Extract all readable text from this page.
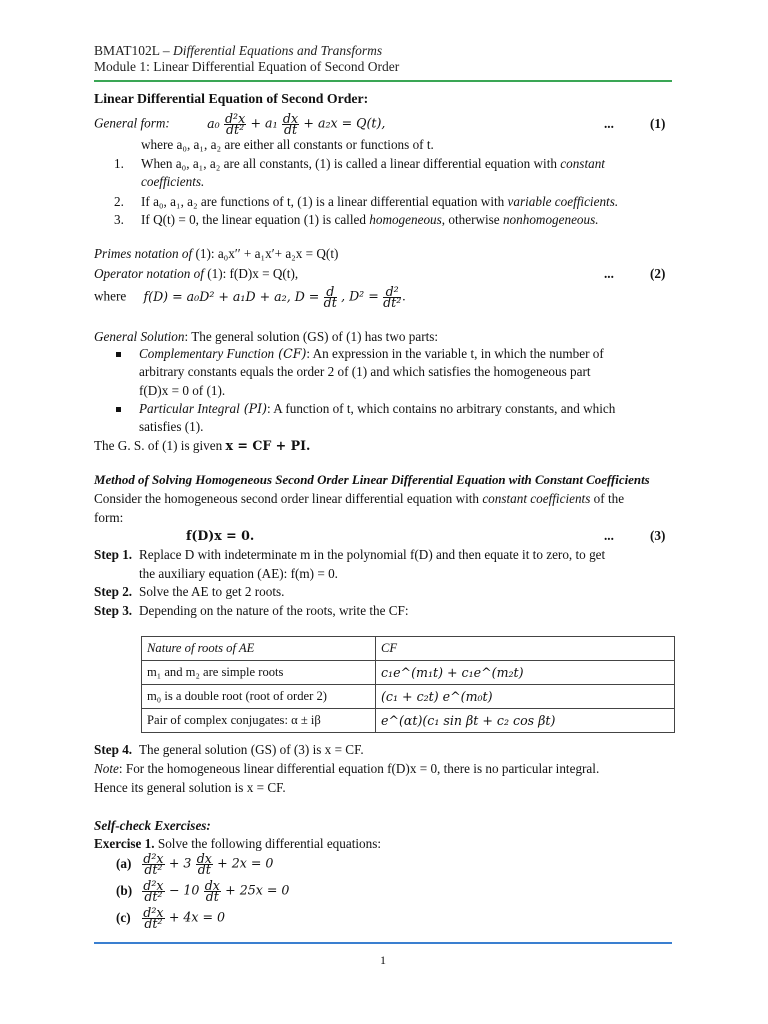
BMAT102L – Differential Equations and Transforms
Module 1: Linear Differential Equation of Second Order
Linear Differential Equation of Second Order:
General form:	$a_0 \frac{\text{d²x}}{\text{dt²}} + a_1 \frac{dx}{dt} + a_2x = Q(t)$,	...	(1)
where a₀, a₁, a₂ are either all constants or functions of t.
1. When a₀, a₁, a₂ are all constants, (1) is called a linear differential equation with constant
coefficients.
2. If a₀, a₁, a₂ are functions of t, (1) is a linear differential equation with variable coefficients.
3. If Q(t) = 0, the linear equation (1) is called homogeneous, otherwise nonhomogeneous.
Primes notation of (1): a₀x′′ + a₁x′+ a₂x = Q(t)
Operator notation of (1): f(D)x = Q(t),	...	(2)
where f(D) = a₀D² + a₁D + a₂, $D = \frac{d}{dt}$ , $D^2 = \frac{\text{d²}}{\text{dt²}}$ .
General Solution: The general solution (GS) of (1) has two parts:
Complementary Function (CF): An expression in the variable t, in which the number of
arbitrary constants equals the order 2 of (1) and which satisfies the homogeneous part
f(D)x = 0 of (1).
Particular Integral (PI): A function of t, which contains no arbitrary constants, and which
satisfies (1).
The G. S. of (1) is given x = CF + PI.
Method of Solving Homogeneous Second Order Linear Differential Equation with Constant Coefficients
Consider the homogeneous second order linear differential equation with constant coefficients of the
form:
f(D)x = 0.	...	(3)
Step 1. Replace D with indeterminate m in the polynomial f(D) and then equate it to zero, to get
the auxiliary equation (AE): f(m) = 0.
Step 2. Solve the AE to get 2 roots.
Step 3. Depending on the nature of the roots, write the CF:
Nature of roots of AE	CF
m₁ and m₂ are simple roots	c₁e^(m₁t) + c₁e^(m₂t)
m₀ is a double root (root of order 2)	(c₁ + c₂t) e^(m₀t)
Pair of complex conjugates: α ± iβ	e^(αt)(c₁ sin βt + c₂ cos βt)
Step 4. The general solution (GS) of (3) is x = CF.
Note: For the homogeneous linear differential equation f(D)x = 0, there is no particular integral.
Hence its general solution is x = CF.
Self-check Exercises:
Exercise 1. Solve the following differential equations:
$(a) \frac{\text{d²x}}{\text{dt²}} + 3 \frac{dx}{dt} + 2x = 0$
$(b) \frac{\text{d²x}}{\text{dt²}} - 10 \frac{dx}{dt} + 25x = 0$
$(c) \frac{\text{d²x}}{\text{dt²}} + 4x = 0$
1
